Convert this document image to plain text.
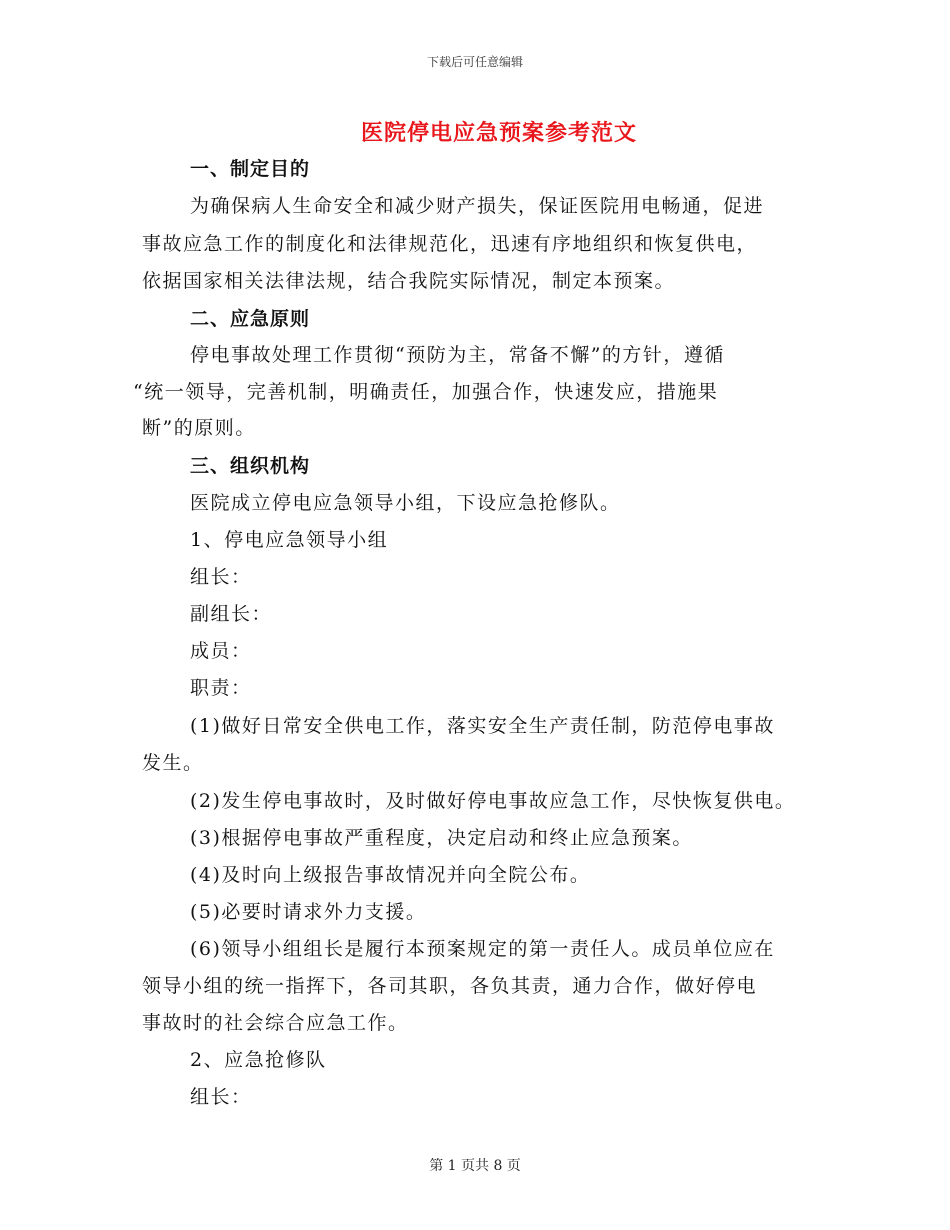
下载后可任意编辑
医院停电应急预案参考范文
一、制定目的
为确保病人生命安全和减少财产损失，保证医院用电畅通，促进
事故应急工作的制度化和法律规范化，迅速有序地组织和恢复供电，
依据国家相关法律法规，结合我院实际情况，制定本预案。
二、应急原则
停电事故处理工作贯彻“预防为主，常备不懈”的方针，遵循
“统一领导，完善机制，明确责任，加强合作，快速发应，措施果
断”的原则。
三、组织机构
医院成立停电应急领导小组，下设应急抢修队。
1、停电应急领导小组
组长：
副组长：
成员：
职责：
(1)做好日常安全供电工作，落实安全生产责任制，防范停电事故
发生。
(2)发生停电事故时，及时做好停电事故应急工作，尽快恢复供电。
(3)根据停电事故严重程度，决定启动和终止应急预案。
(4)及时向上级报告事故情况并向全院公布。
(5)必要时请求外力支援。
(6)领导小组组长是履行本预案规定的第一责任人。成员单位应在
领导小组的统一指挥下，各司其职，各负其责，通力合作，做好停电
事故时的社会综合应急工作。
2、应急抢修队
组长：
第 1 页共 8 页
